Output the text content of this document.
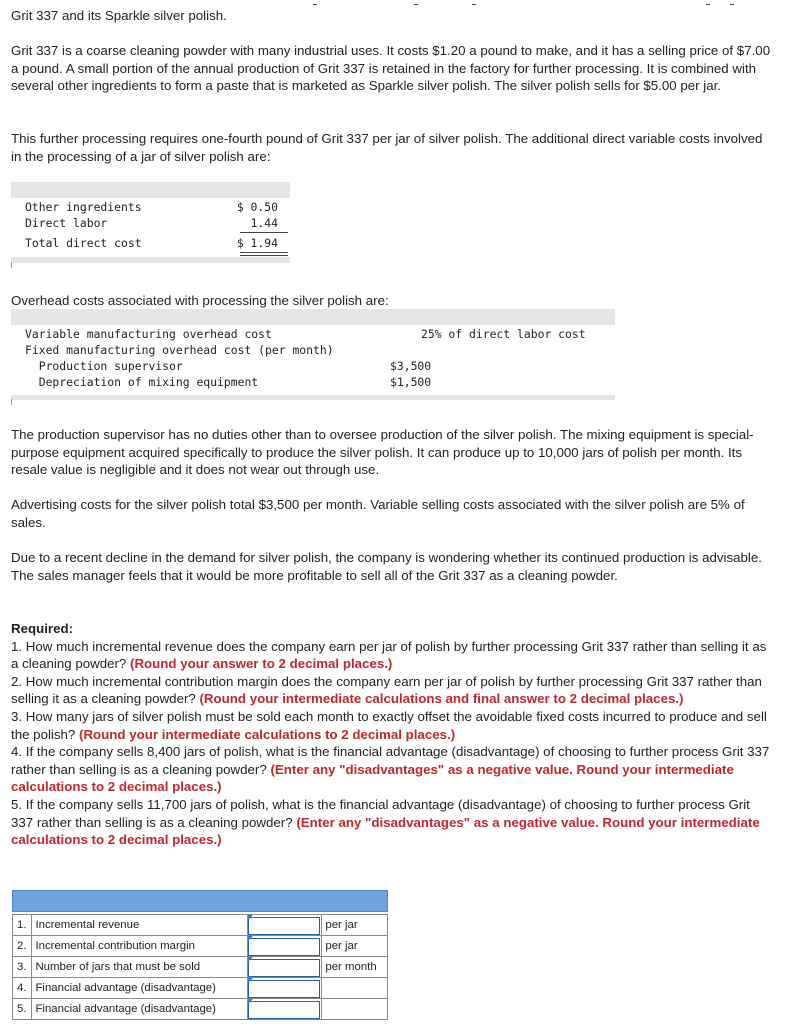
Grit 337 and its Sparkle silver polish.

Grit 337 is a coarse cleaning powder with many industrial uses. It costs $1.20 a pound to make, and it has a selling price of $7.00 a pound. A small portion of the annual production of Grit 337 is retained in the factory for further processing. It is combined with several other ingredients to form a paste that is marketed as Sparkle silver polish. The silver polish sells for $5.00 per jar.

This further processing requires one-fourth pound of Grit 337 per jar of silver polish. The additional direct variable costs involved in the processing of a jar of silver polish are:

Other ingredients	$ 0.50
Direct labor	1.44
Total direct cost	$ 1.94

Overhead costs associated with processing the silver polish are:

Variable manufacturing overhead cost	25% of direct labor cost
Fixed manufacturing overhead cost (per month)
Production supervisor	$3,500
Depreciation of mixing equipment	$1,500

The production supervisor has no duties other than to oversee production of the silver polish. The mixing equipment is special-purpose equipment acquired specifically to produce the silver polish. It can produce up to 10,000 jars of polish per month. Its resale value is negligible and it does not wear out through use.

Advertising costs for the silver polish total $3,500 per month. Variable selling costs associated with the silver polish are 5% of sales.

Due to a recent decline in the demand for silver polish, the company is wondering whether its continued production is advisable. The sales manager feels that it would be more profitable to sell all of the Grit 337 as a cleaning powder.

Required:
1. How much incremental revenue does the company earn per jar of polish by further processing Grit 337 rather than selling it as a cleaning powder? (Round your answer to 2 decimal places.)
2. How much incremental contribution margin does the company earn per jar of polish by further processing Grit 337 rather than selling it as a cleaning powder? (Round your intermediate calculations and final answer to 2 decimal places.)
3. How many jars of silver polish must be sold each month to exactly offset the avoidable fixed costs incurred to produce and sell the polish? (Round your intermediate calculations to 2 decimal places.)
4. If the company sells 8,400 jars of polish, what is the financial advantage (disadvantage) of choosing to further process Grit 337 rather than selling is as a cleaning powder? (Enter any "disadvantages" as a negative value. Round your intermediate calculations to 2 decimal places.)
5. If the company sells 11,700 jars of polish, what is the financial advantage (disadvantage) of choosing to further process Grit 337 rather than selling is as a cleaning powder? (Enter any "disadvantages" as a negative value. Round your intermediate calculations to 2 decimal places.)
1.	Incremental revenue		per jar
2.	Incremental contribution margin		per jar
3.	Number of jars that must be sold		per month
4.	Financial advantage (disadvantage)	

5.	Financial advantage (disadvantage)	
